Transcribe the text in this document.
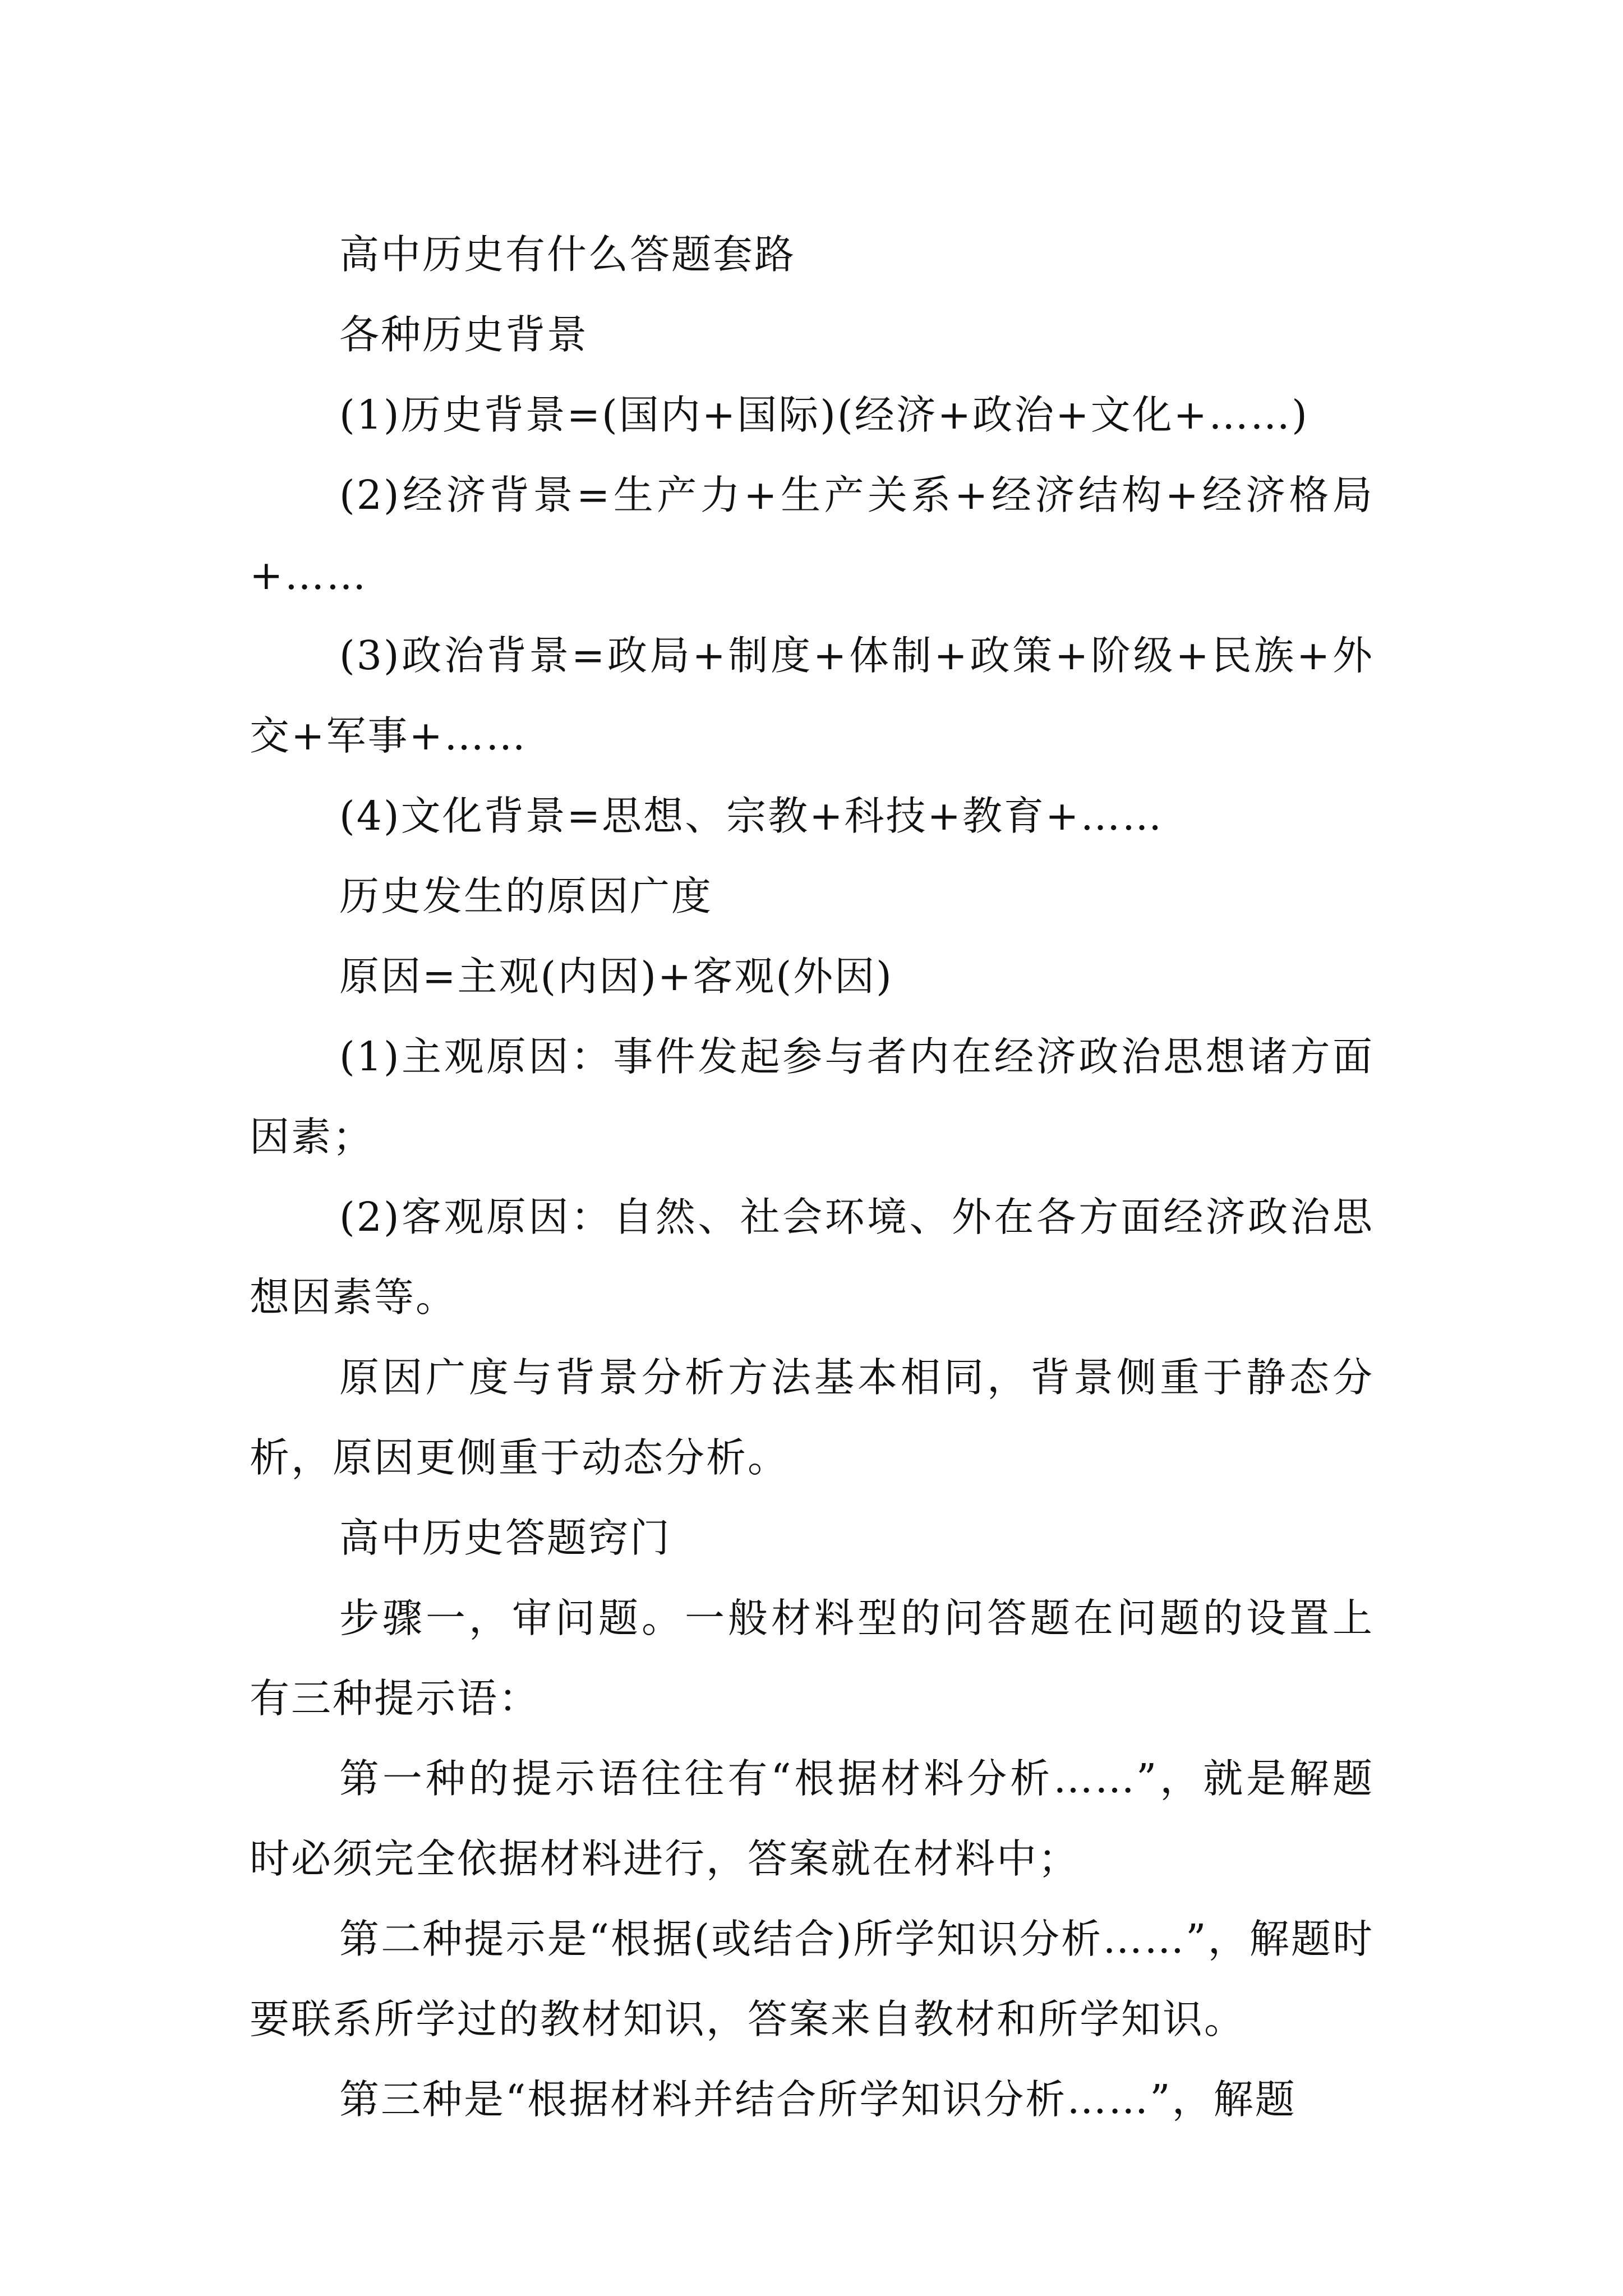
高中历史有什么答题套路

各种历史背景

(1)历史背景=(国内+国际)(经济+政治+文化+……)

(2)经济背景=生产力+生产关系+经济结构+经济格局+……

(3)政治背景=政局+制度+体制+政策+阶级+民族+外交+军事+……

(4)文化背景=思想、宗教+科技+教育+……

历史发生的原因广度

原因=主观(内因)+客观(外因)

(1)主观原因：事件发起参与者内在经济政治思想诸方面因素；

(2)客观原因：自然、社会环境、外在各方面经济政治思想因素等。

原因广度与背景分析方法基本相同，背景侧重于静态分析，原因更侧重于动态分析。

高中历史答题窍门

步骤一，审问题。一般材料型的问答题在问题的设置上有三种提示语：

第一种的提示语往往有“根据材料分析……”，就是解题时必须完全依据材料进行，答案就在材料中；

第二种提示是“根据(或结合)所学知识分析……”，解题时要联系所学过的教材知识，答案来自教材和所学知识。

第三种是“根据材料并结合所学知识分析……”，解题
